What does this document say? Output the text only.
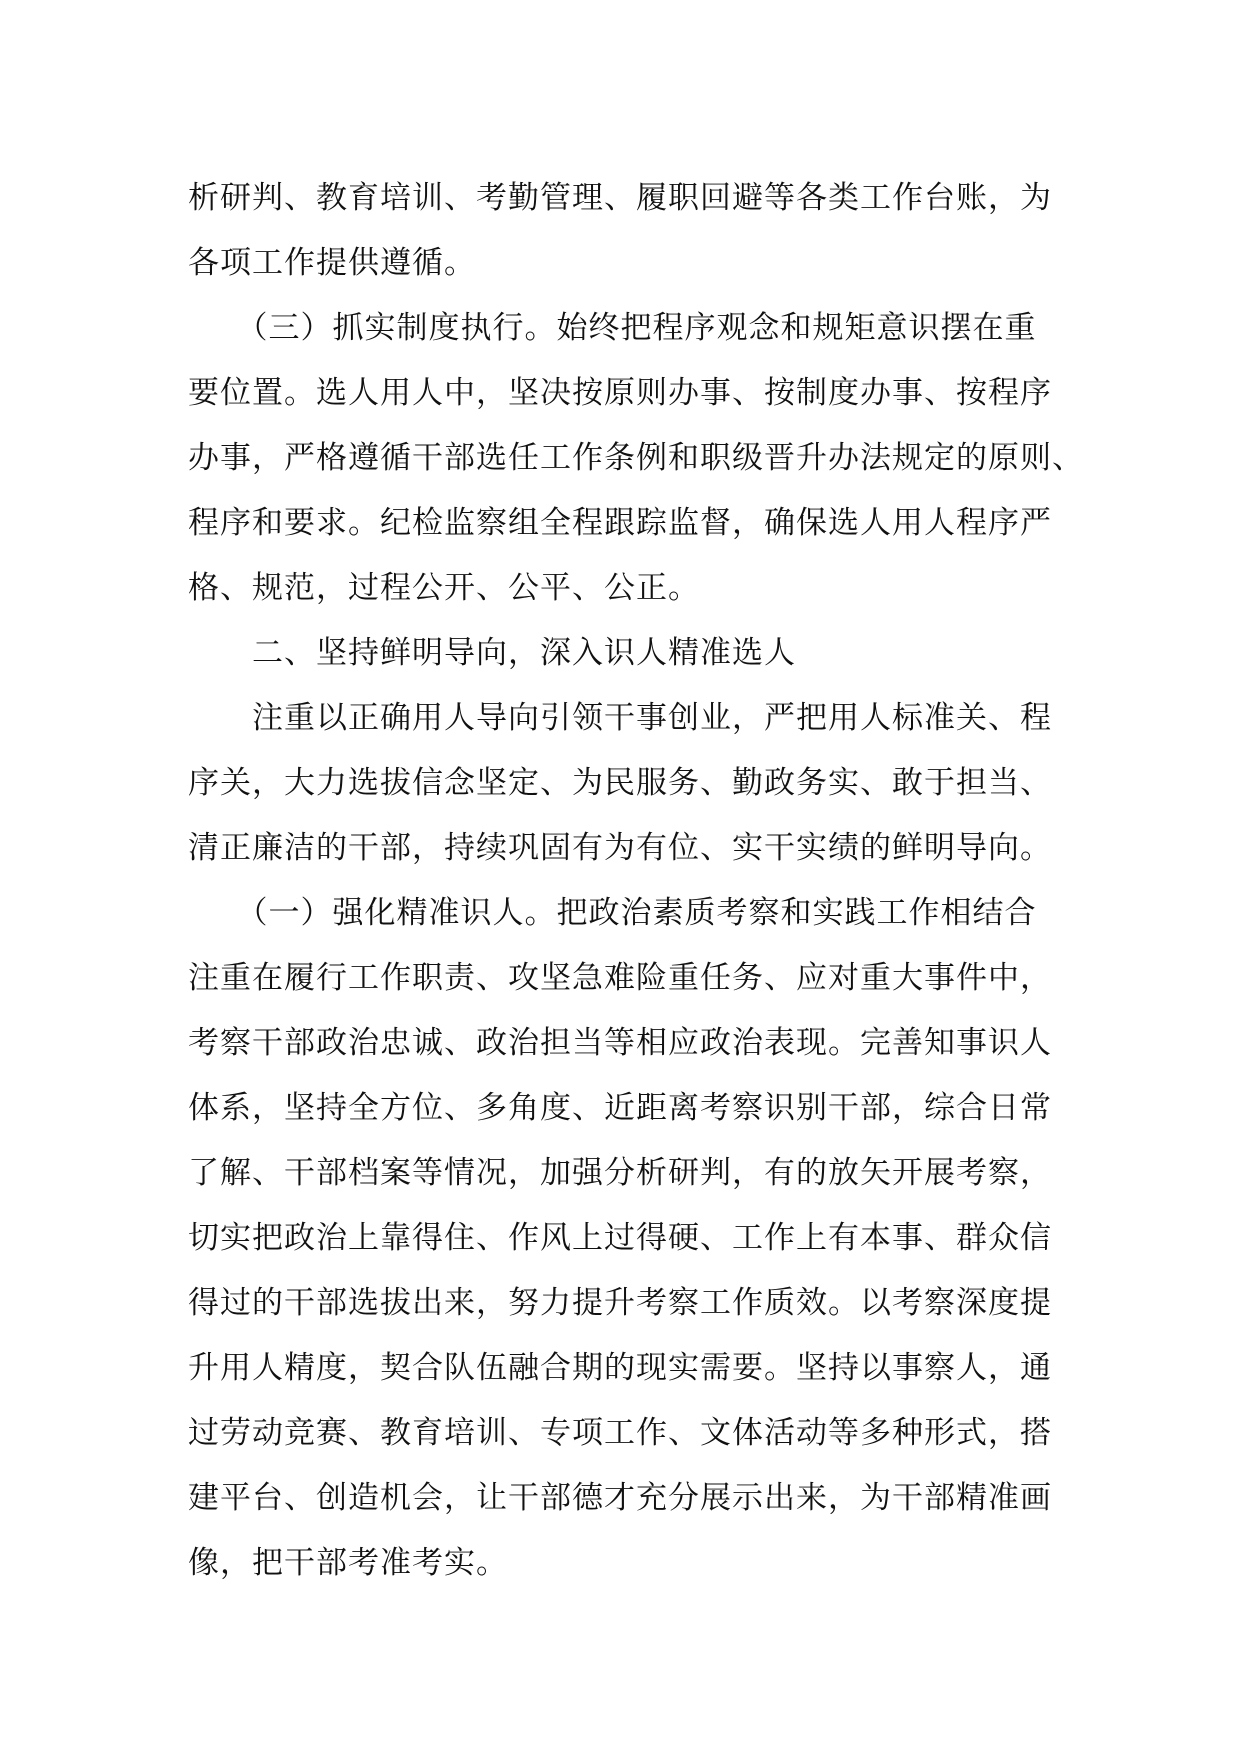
析研判、教育培训、考勤管理、履职回避等各类工作台账，为
各项工作提供遵循。
　　（三）抓实制度执行。始终把程序观念和规矩意识摆在重
要位置。选人用人中，坚决按原则办事、按制度办事、按程序
办事，严格遵循干部选任工作条例和职级晋升办法规定的原则、
程序和要求。纪检监察组全程跟踪监督，确保选人用人程序严
格、规范，过程公开、公平、公正。
　　二、坚持鲜明导向，深入识人精准选人
　　注重以正确用人导向引领干事创业，严把用人标准关、程
序关，大力选拔信念坚定、为民服务、勤政务实、敢于担当、
清正廉洁的干部，持续巩固有为有位、实干实绩的鲜明导向。
　　（一）强化精准识人。把政治素质考察和实践工作相结合
注重在履行工作职责、攻坚急难险重任务、应对重大事件中，
考察干部政治忠诚、政治担当等相应政治表现。完善知事识人
体系，坚持全方位、多角度、近距离考察识别干部，综合日常
了解、干部档案等情况，加强分析研判，有的放矢开展考察，
切实把政治上靠得住、作风上过得硬、工作上有本事、群众信
得过的干部选拔出来，努力提升考察工作质效。以考察深度提
升用人精度，契合队伍融合期的现实需要。坚持以事察人，通
过劳动竞赛、教育培训、专项工作、文体活动等多种形式，搭
建平台、创造机会，让干部德才充分展示出来，为干部精准画
像，把干部考准考实。
